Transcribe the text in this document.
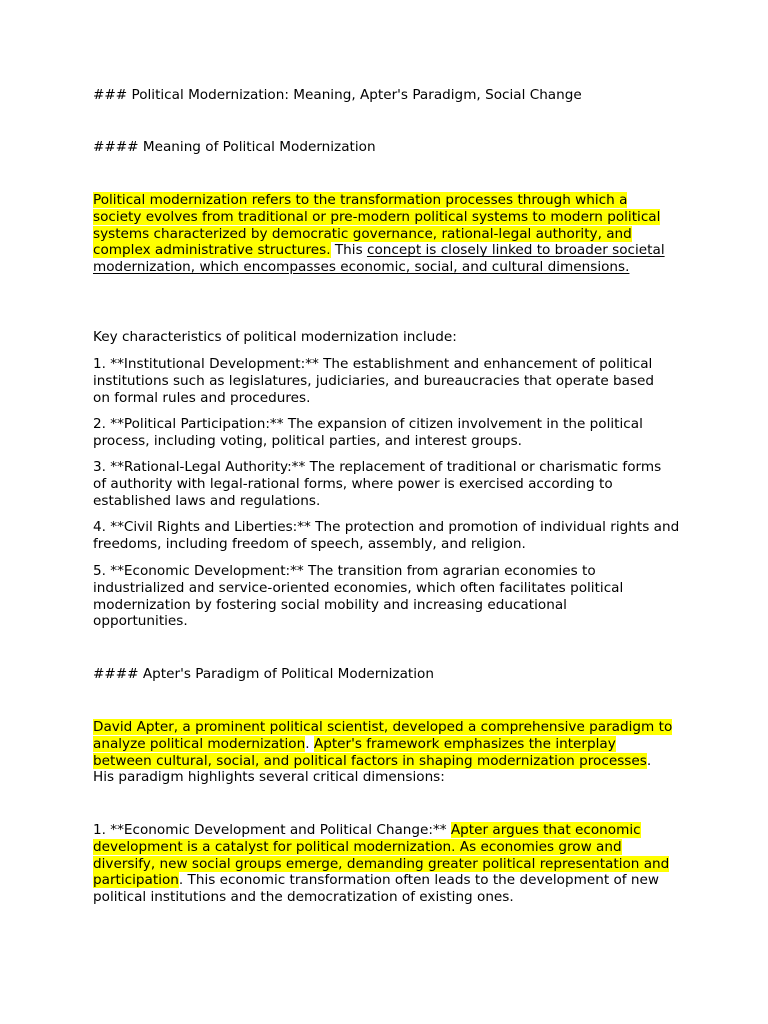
### Political Modernization: Meaning, Apter's Paradigm, Social Change
#### Meaning of Political Modernization
Political modernization refers to the transformation processes through which a society evolves from traditional or pre-modern political systems to modern political systems characterized by democratic governance, rational-legal authority, and complex administrative structures. This concept is closely linked to broader societal modernization, which encompasses economic, social, and cultural dimensions.
Key characteristics of political modernization include:
1. **Institutional Development:** The establishment and enhancement of political institutions such as legislatures, judiciaries, and bureaucracies that operate based on formal rules and procedures.
2. **Political Participation:** The expansion of citizen involvement in the political process, including voting, political parties, and interest groups.
3. **Rational-Legal Authority:** The replacement of traditional or charismatic forms of authority with legal-rational forms, where power is exercised according to established laws and regulations.
4. **Civil Rights and Liberties:** The protection and promotion of individual rights and freedoms, including freedom of speech, assembly, and religion.
5. **Economic Development:** The transition from agrarian economies to industrialized and service-oriented economies, which often facilitates political modernization by fostering social mobility and increasing educational opportunities.
#### Apter's Paradigm of Political Modernization
David Apter, a prominent political scientist, developed a comprehensive paradigm to analyze political modernization. Apter's framework emphasizes the interplay between cultural, social, and political factors in shaping modernization processes. His paradigm highlights several critical dimensions:
1. **Economic Development and Political Change:** Apter argues that economic development is a catalyst for political modernization. As economies grow and diversify, new social groups emerge, demanding greater political representation and participation. This economic transformation often leads to the development of new political institutions and the democratization of existing ones.
